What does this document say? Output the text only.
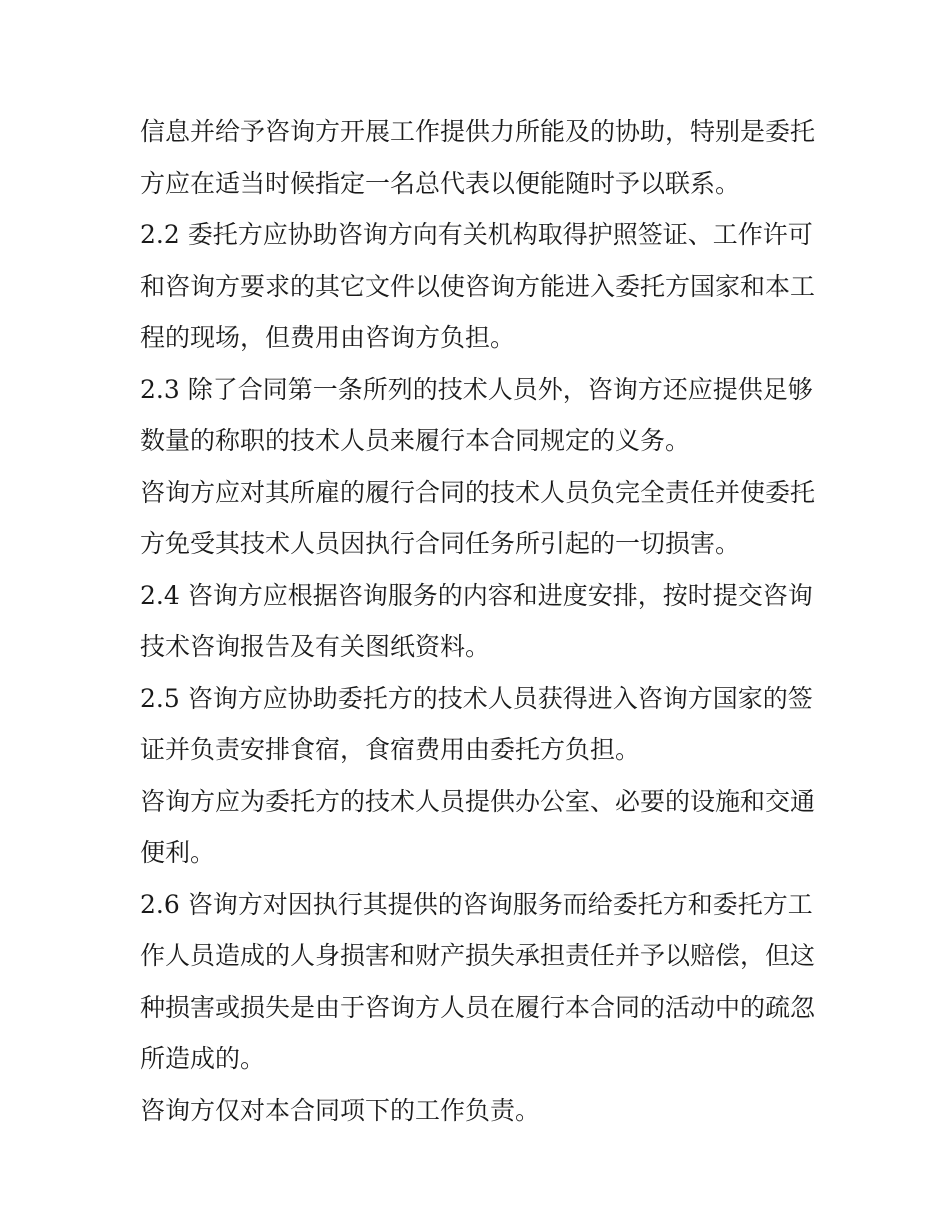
信息并给予咨询方开展工作提供力所能及的协助，特别是委托
方应在适当时候指定一名总代表以便能随时予以联系。
2.2 委托方应协助咨询方向有关机构取得护照签证、工作许可
和咨询方要求的其它文件以使咨询方能进入委托方国家和本工
程的现场，但费用由咨询方负担。
2.3 除了合同第一条所列的技术人员外，咨询方还应提供足够
数量的称职的技术人员来履行本合同规定的义务。
咨询方应对其所雇的履行合同的技术人员负完全责任并使委托
方免受其技术人员因执行合同任务所引起的一切损害。
2.4 咨询方应根据咨询服务的内容和进度安排，按时提交咨询
技术咨询报告及有关图纸资料。
2.5 咨询方应协助委托方的技术人员获得进入咨询方国家的签
证并负责安排食宿，食宿费用由委托方负担。
咨询方应为委托方的技术人员提供办公室、必要的设施和交通
便利。
2.6 咨询方对因执行其提供的咨询服务而给委托方和委托方工
作人员造成的人身损害和财产损失承担责任并予以赔偿，但这
种损害或损失是由于咨询方人员在履行本合同的活动中的疏忽
所造成的。
咨询方仅对本合同项下的工作负责。
